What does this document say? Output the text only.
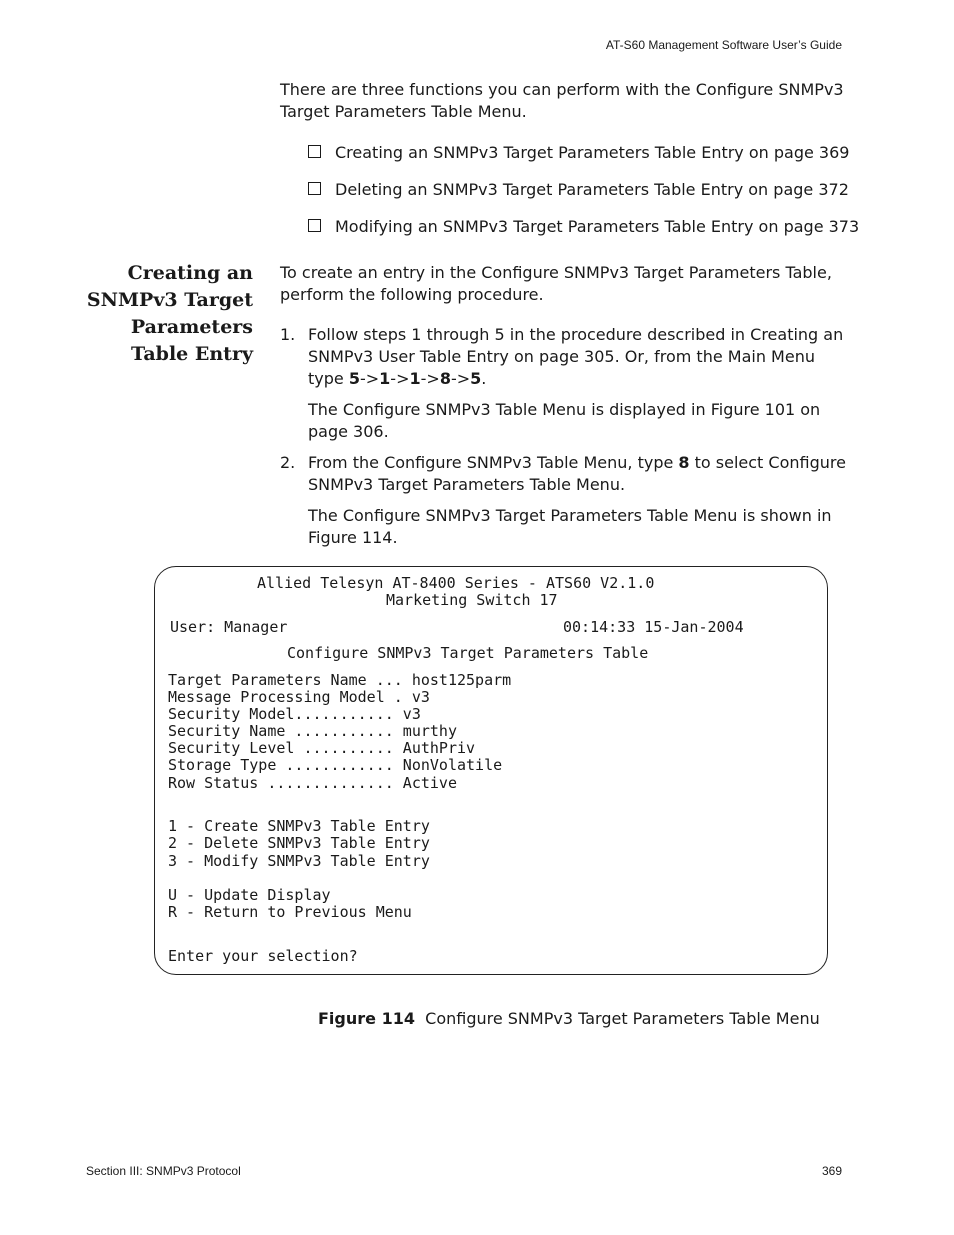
AT-S60 Management Software User’s Guide
There are three functions you can perform with the Configure SNMPv3 Target Parameters Table Menu.
Creating an SNMPv3 Target Parameters Table Entry on page 369
Deleting an SNMPv3 Target Parameters Table Entry on page 372
Modifying an SNMPv3 Target Parameters Table Entry on page 373
Creating an
SNMPv3 Target
Parameters
Table Entry
To create an entry in the Configure SNMPv3 Target Parameters Table, perform the following procedure.
1. Follow steps 1 through 5 in the procedure described in Creating an SNMPv3 User Table Entry on page 305. Or, from the Main Menu type 5->1->1->8->5.
The Configure SNMPv3 Table Menu is displayed in Figure 101 on page 306.
2. From the Configure SNMPv3 Table Menu, type 8 to select Configure SNMPv3 Target Parameters Table Menu.
The Configure SNMPv3 Target Parameters Table Menu is shown in Figure 114.
Allied Telesyn AT-8400 Series - ATS60 V2.1.0
Marketing Switch 17
User: Manager	00:14:33 15-Jan-2004
Configure SNMPv3 Target Parameters Table
Target Parameters Name ... host125parm
Message Processing Model . v3
Security Model........... v3
Security Name ........... murthy
Security Level .......... AuthPriv
Storage Type ............ NonVolatile
Row Status .............. Active
1 - Create SNMPv3 Table Entry
2 - Delete SNMPv3 Table Entry
3 - Modify SNMPv3 Table Entry
U - Update Display
R - Return to Previous Menu
Enter your selection?
Figure 114 Configure SNMPv3 Target Parameters Table Menu
Section III: SNMPv3 Protocol	369
